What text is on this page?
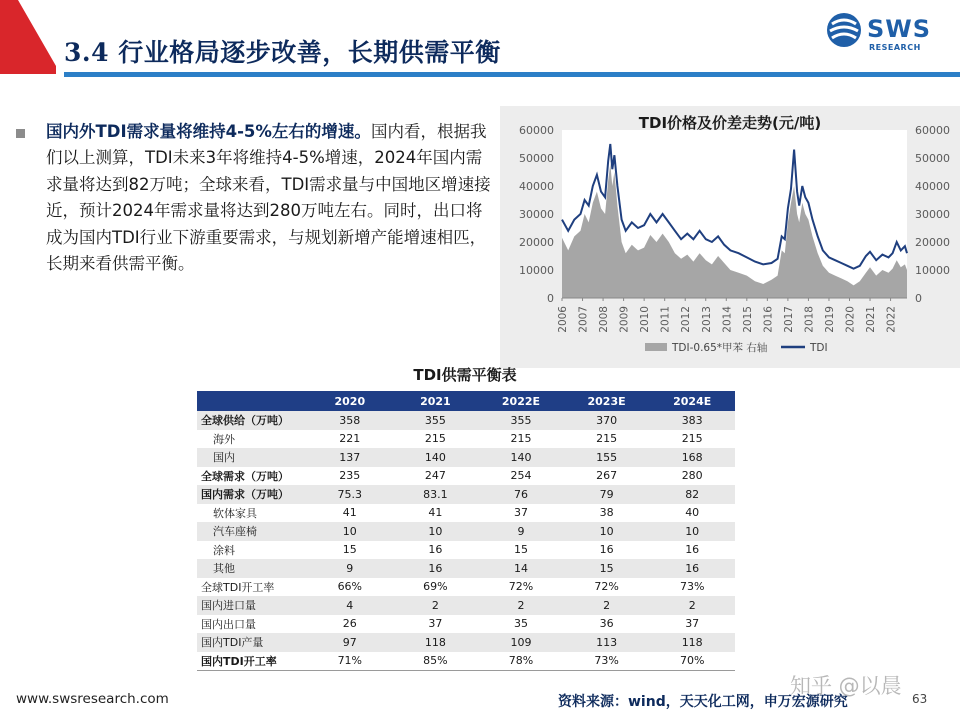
3.4 行业格局逐步改善，长期供需平衡
SWS
RESEARCH
国内外TDI需求量将维持4-5%左右的增速。国内看，根据我们以上测算，TDI未来3年将维持4-5%增速，2024年国内需求量将达到82万吨；全球来看，TDI需求量与中国地区增速接近，预计2024年需求量将达到280万吨左右。同时，出口将成为国内TDI行业下游重要需求，与规划新增产能增速相匹，长期来看供需平衡。
60000
50000
40000
30000
20000
10000
0
60000
50000
40000
30000
20000
10000
0
2006 2007 2008 2009 2010 2011 2012 2013 2014 2015 2016 2017 2018 2019 2020 2021 2022
TDI-0.65*甲苯 右轴	TDI
TDI价格及价差走势(元/吨)
TDI供需平衡表
	2020	2021	2022E	2023E	2024E
全球供给（万吨）	358	355	355	370	383
海外	221	215	215	215	215
国内	137	140	140	155	168
全球需求（万吨）	235	247	254	267	280
国内需求（万吨）	75.3	83.1	76	79	82
软体家具	41	41	37	38	40
汽车座椅	10	10	9	10	10
涂料	15	16	15	16	16
其他	9	16	14	15	16
全球TDI开工率	66%	69%	72%	72%	73%
国内进口量	4	2	2	2	2
国内出口量	26	37	35	36	37
国内TDI产量	97	118	109	113	118
国内TDI开工率	71%	85%	78%	73%	70%
www.swsresearch.com	资料来源：wind，天天化工网，申万宏源研究	63
知乎 @以晨
